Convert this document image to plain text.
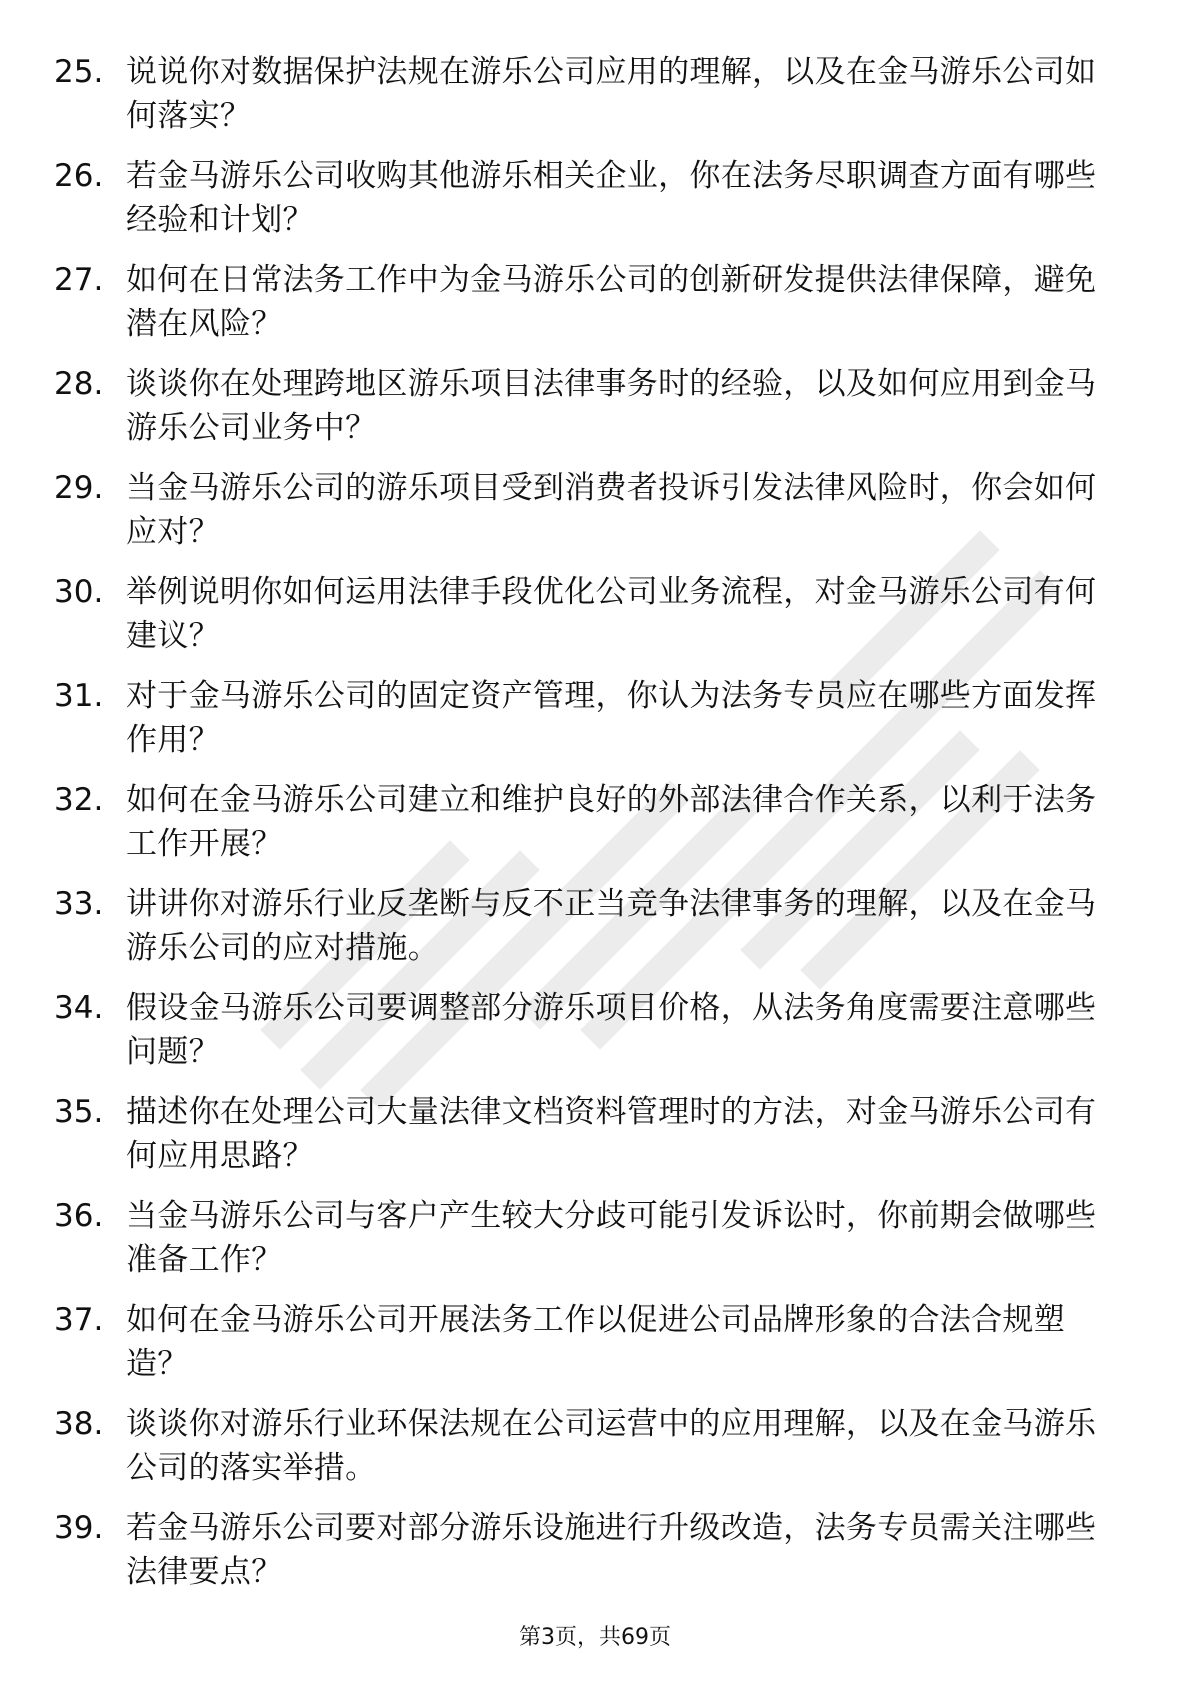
25. 说说你对数据保护法规在游乐公司应用的理解，以及在金马游乐公司如何落实？
26. 若金马游乐公司收购其他游乐相关企业，你在法务尽职调查方面有哪些经验和计划？
27. 如何在日常法务工作中为金马游乐公司的创新研发提供法律保障，避免潜在风险？
28. 谈谈你在处理跨地区游乐项目法律事务时的经验，以及如何应用到金马游乐公司业务中？
29. 当金马游乐公司的游乐项目受到消费者投诉引发法律风险时，你会如何应对？
30. 举例说明你如何运用法律手段优化公司业务流程，对金马游乐公司有何建议？
31. 对于金马游乐公司的固定资产管理，你认为法务专员应在哪些方面发挥作用？
32. 如何在金马游乐公司建立和维护良好的外部法律合作关系，以利于法务工作开展？
33. 讲讲你对游乐行业反垄断与反不正当竞争法律事务的理解，以及在金马游乐公司的应对措施。
34. 假设金马游乐公司要调整部分游乐项目价格，从法务角度需要注意哪些问题？
35. 描述你在处理公司大量法律文档资料管理时的方法，对金马游乐公司有何应用思路？
36. 当金马游乐公司与客户产生较大分歧可能引发诉讼时，你前期会做哪些准备工作？
37. 如何在金马游乐公司开展法务工作以促进公司品牌形象的合法合规塑造？
38. 谈谈你对游乐行业环保法规在公司运营中的应用理解，以及在金马游乐公司的落实举措。
39. 若金马游乐公司要对部分游乐设施进行升级改造，法务专员需关注哪些法律要点？
第3页，共69页
